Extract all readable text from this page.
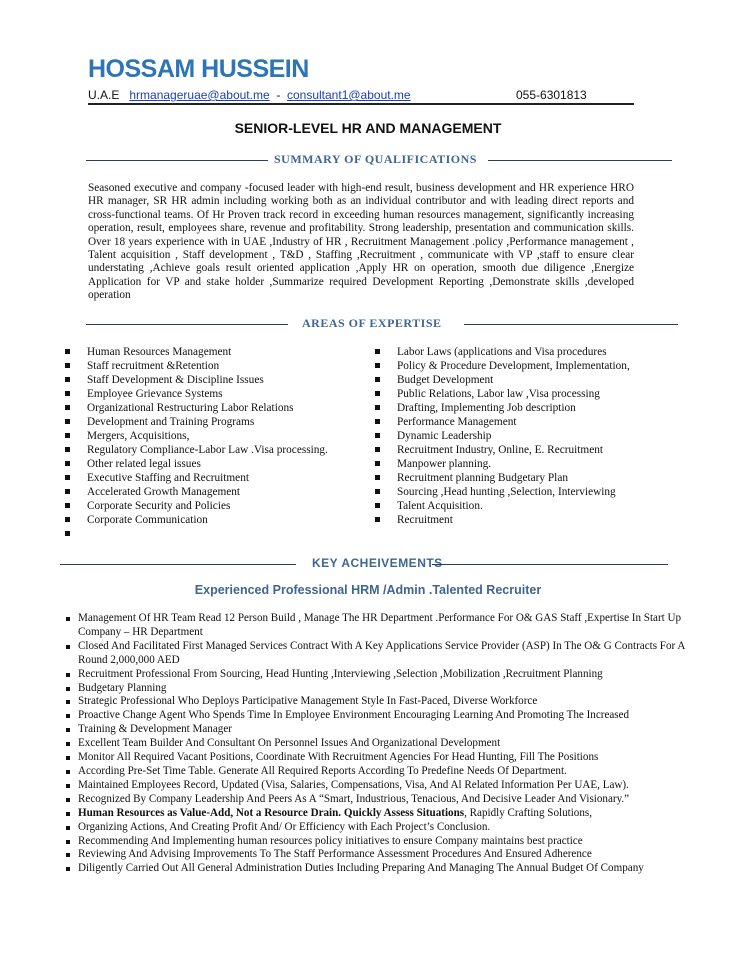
HOSSAM HUSSEIN
U.A.E hrmanageruae@about.me - consultant1@about.me	055-6301813
SENIOR-LEVEL HR AND MANAGEMENT
SUMMARY OF QUALIFICATIONS
Seasoned executive and company -focused leader with high-end result, business development and HR experience HRO HR manager, SR HR admin including working both as an individual contributor and with leading direct reports and cross-functional teams. Of Hr Proven track record in exceeding human resources management, significantly increasing operation, result, employees share, revenue and profitability. Strong leadership, presentation and communication skills. Over 18 years experience with in UAE ,Industry of HR , Recruitment Management .policy ,Performance management , Talent acquisition , Staff development , T&D , Staffing ,Recruitment , communicate with VP ,staff to ensure clear understating ,Achieve goals result oriented application ,Apply HR on operation, smooth due diligence ,Energize Application for VP and stake holder ,Summarize required Development Reporting ,Demonstrate skills ,developed operation
AREAS OF EXPERTISE
Human Resources Management
Staff recruitment &Retention
Staff Development & Discipline Issues
Employee Grievance Systems
Organizational Restructuring Labor Relations
Development and Training Programs
Mergers, Acquisitions,
Regulatory Compliance-Labor Law .Visa processing.
Other related legal issues
Executive Staffing and Recruitment
Accelerated Growth Management
Corporate Security and Policies
Corporate Communication
Labor Laws (applications and Visa procedures
Policy & Procedure Development, Implementation,
Budget Development
Public Relations, Labor law ,Visa processing
Drafting, Implementing Job description
Performance Management
Dynamic Leadership
Recruitment Industry, Online, E. Recruitment
Manpower planning.
Recruitment planning Budgetary Plan
Sourcing ,Head hunting ,Selection, Interviewing
Talent Acquisition.
Recruitment
KEY ACHEIVEMENTS
Experienced Professional HRM /Admin .Talented Recruiter
Management Of HR Team Read 12 Person Build , Manage The HR Department .Performance For O& GAS Staff ,Expertise In Start Up Company – HR Department
Closed And Facilitated First Managed Services Contract With A Key Applications Service Provider (ASP) In The O& G Contracts For A Round 2,000,000 AED
Recruitment Professional From Sourcing, Head Hunting ,Interviewing ,Selection ,Mobilization ,Recruitment Planning
Budgetary Planning
Strategic Professional Who Deploys Participative Management Style In Fast-Paced, Diverse Workforce
Proactive Change Agent Who Spends Time In Employee Environment Encouraging Learning And Promoting The Increased
Training & Development Manager
Excellent Team Builder And Consultant On Personnel Issues And Organizational Development
Monitor All Required Vacant Positions, Coordinate With Recruitment Agencies For Head Hunting, Fill The Positions
According Pre-Set Time Table. Generate All Required Reports According To Predefine Needs Of Department.
Maintained Employees Record, Updated (Visa, Salaries, Compensations, Visa, And Al Related Information Per UAE, Law).
Recognized By Company Leadership And Peers As A “Smart, Industrious, Tenacious, And Decisive Leader And Visionary.”
Human Resources as Value-Add, Not a Resource Drain. Quickly Assess Situations, Rapidly Crafting Solutions,
Organizing Actions, And Creating Profit And/ Or Efficiency with Each Project’s Conclusion.
Recommending And Implementing human resources policy initiatives to ensure Company maintains best practice
Reviewing And Advising Improvements To The Staff Performance Assessment Procedures And Ensured Adherence
Diligently Carried Out All General Administration Duties Including Preparing And Managing The Annual Budget Of Company
